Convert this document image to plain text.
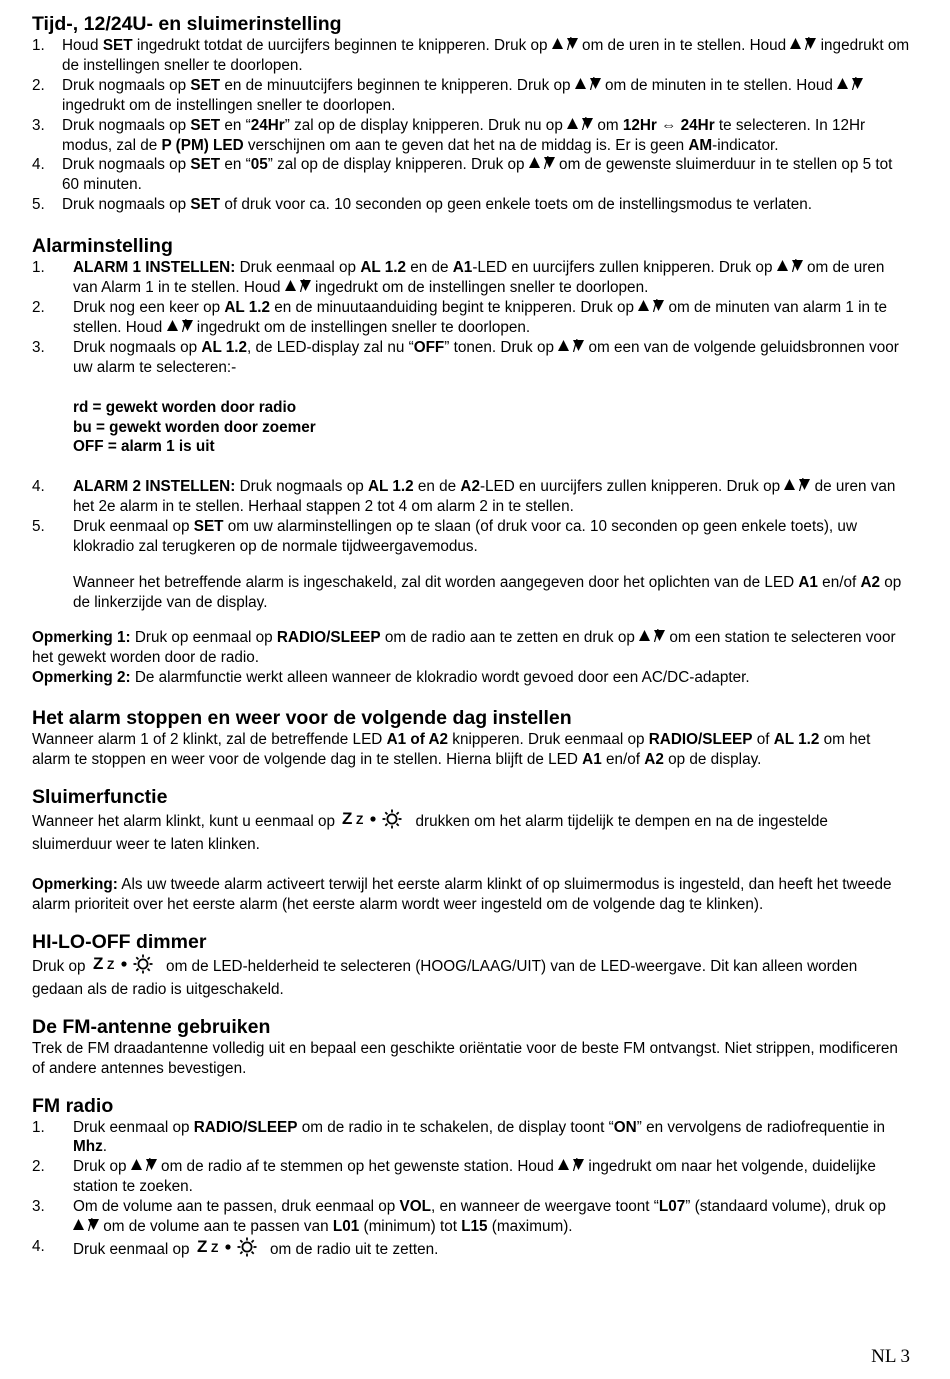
Tijd-, 12/24U- en sluimerinstelling
1. Houd SET ingedrukt totdat de uurcijfers beginnen te knipperen. Druk op  om de uren in te stellen. Houd  ingedrukt om de instellingen sneller te doorlopen.
2. Druk nogmaals op SET en de minuutcijfers beginnen te knipperen. Druk op  om de minuten in te stellen. Houd  ingedrukt om de instellingen sneller te doorlopen.
3. Druk nogmaals op SET en “24Hr” zal op de display knipperen. Druk nu op  om 12Hr ⇔ 24Hr te selecteren. In 12Hr modus, zal de P (PM) LED verschijnen om aan te geven dat het na de middag is. Er is geen AM-indicator.
4. Druk nogmaals op SET en “05” zal op de display knipperen. Druk op  om de gewenste sluimerduur in te stellen op 5 tot 60 minuten.
5. Druk nogmaals op SET of druk voor ca. 10 seconden op geen enkele toets om de instellingsmodus te verlaten.
Alarminstelling
1. ALARM 1 INSTELLEN: Druk eenmaal op AL 1.2 en de A1-LED en uurcijfers zullen knipperen. Druk op  om de uren van Alarm 1 in te stellen. Houd  ingedrukt om de instellingen sneller te doorlopen.
2. Druk nog een keer op AL 1.2 en de minuutaanduiding begint te knipperen. Druk op  om de minuten van alarm 1 in te stellen. Houd  ingedrukt om de instellingen sneller te doorlopen.
3. Druk nogmaals op AL 1.2, de LED-display zal nu “OFF” tonen. Druk op  om een van de volgende geluidsbronnen voor uw alarm te selecteren:-
rd = gewekt worden door radio
bu = gewekt worden door zoemer
OFF = alarm 1 is uit
4. ALARM 2 INSTELLEN: Druk nogmaals op AL 1.2 en de A2-LED en uurcijfers zullen knipperen. Druk op  de uren van het 2e alarm in te stellen. Herhaal stappen 2 tot 4 om alarm 2 in te stellen.
5. Druk eenmaal op SET om uw alarminstellingen op te slaan (of druk voor ca. 10 seconden op geen enkele toets), uw klokradio zal terugkeren op de normale tijdweergavemodus.

Wanneer het betreffende alarm is ingeschakeld, zal dit worden aangegeven door het oplichten van de LED A1 en/of A2 op de linkerzijde van de display.

Opmerking 1: Druk op eenmaal op RADIO/SLEEP om de radio aan te zetten en druk op  om een station te selecteren voor het gewekt worden door de radio.

Opmerking 2: De alarmfunctie werkt alleen wanneer de klokradio wordt gevoed door een AC/DC-adapter.

Het alarm stoppen en weer voor de volgende dag instellen

Wanneer alarm 1 of 2 klinkt, zal de betreffende LED A1 of A2 knipperen. Druk eenmaal op RADIO/SLEEP of AL 1.2 om het alarm te stoppen en weer voor de volgende dag in te stellen. Hierna blijft de LED A1 en/of A2 op de display.

Sluimerfunctie

Wanneer het alarm klinkt, kunt u eenmaal op Z Z	drukken om het alarm tijdelijk te dempen en na de ingestelde sluimerduur weer te laten klinken.

Opmerking: Als uw tweede alarm activeert terwijl het eerste alarm klinkt of op sluimermodus is ingesteld, dan heeft het tweede alarm prioriteit over het eerste alarm (het eerste alarm wordt weer ingesteld om de volgende dag te klinken).

HI-LO-OFF dimmer

Druk op Z Z	om de LED-helderheid te selecteren (HOOG/LAAG/UIT) van de LED-weergave. Dit kan alleen worden gedaan als de radio is uitgeschakeld.

De FM-antenne gebruiken

Trek de FM draadantenne volledig uit en bepaal een geschikte oriëntatie voor de beste FM ontvangst. Niet strippen, modificeren of andere antennes bevestigen.

FM radio
1. Druk eenmaal op RADIO/SLEEP om de radio in te schakelen, de display toont “ON” en vervolgens de radiofrequentie in Mhz.
2. Druk op  om de radio af te stemmen op het gewenste station. Houd  ingedrukt om naar het volgende, duidelijke station te zoeken.
3. Om de volume aan te passen, druk eenmaal op VOL, en wanneer de weergave toont “L07” (standaard volume), druk op  om de volume aan te passen van L01 (minimum) tot L15 (maximum).
4. Druk eenmaal op Z Z	om de radio uit te zetten.
NL 3
